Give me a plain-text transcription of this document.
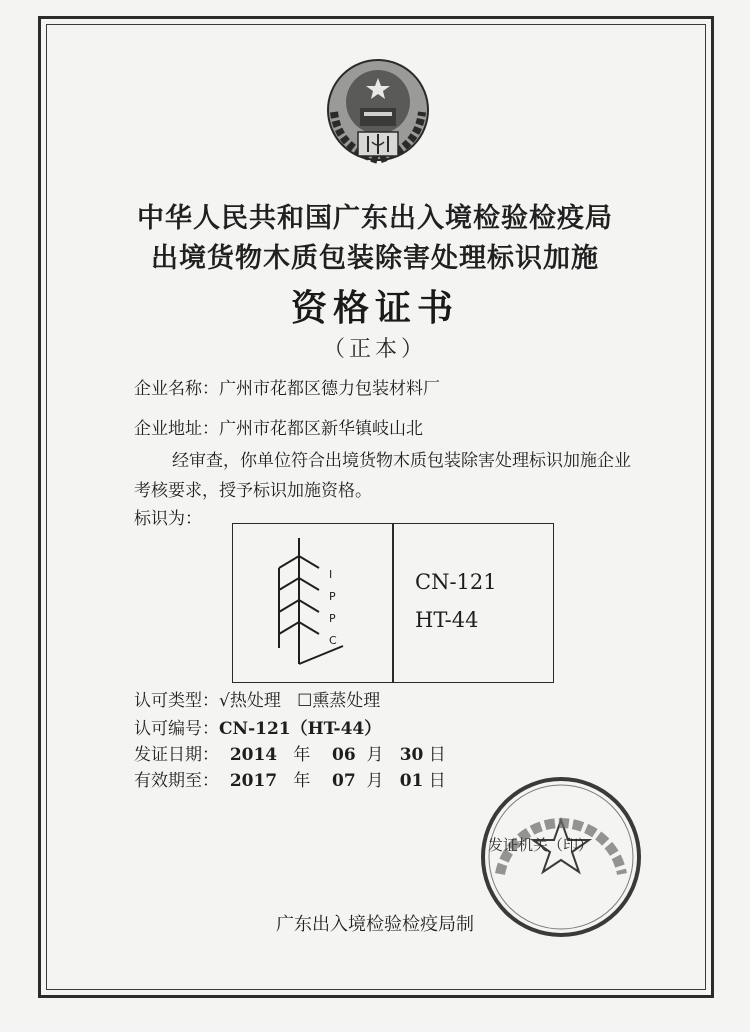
中华人民共和国广东出入境检验检疫局
出境货物木质包装除害处理标识加施
资格证书
（正本）
企业名称：广州市花都区德力包装材料厂
企业地址：广州市花都区新华镇岐山北
经审查，你单位符合出境货物木质包装除害处理标识加施企业考核要求，授予标识加施资格。
标识为：
I
P
P
C
CN-121
HT-44
认可类型：√热处理 ☐熏蒸处理
认可编号：CN-121（HT-44）
发证日期： 2014 年 06 月 30 日
有效期至： 2017 年 07 月 01 日
发证机关（印）
广东出入境检验检疫局制
